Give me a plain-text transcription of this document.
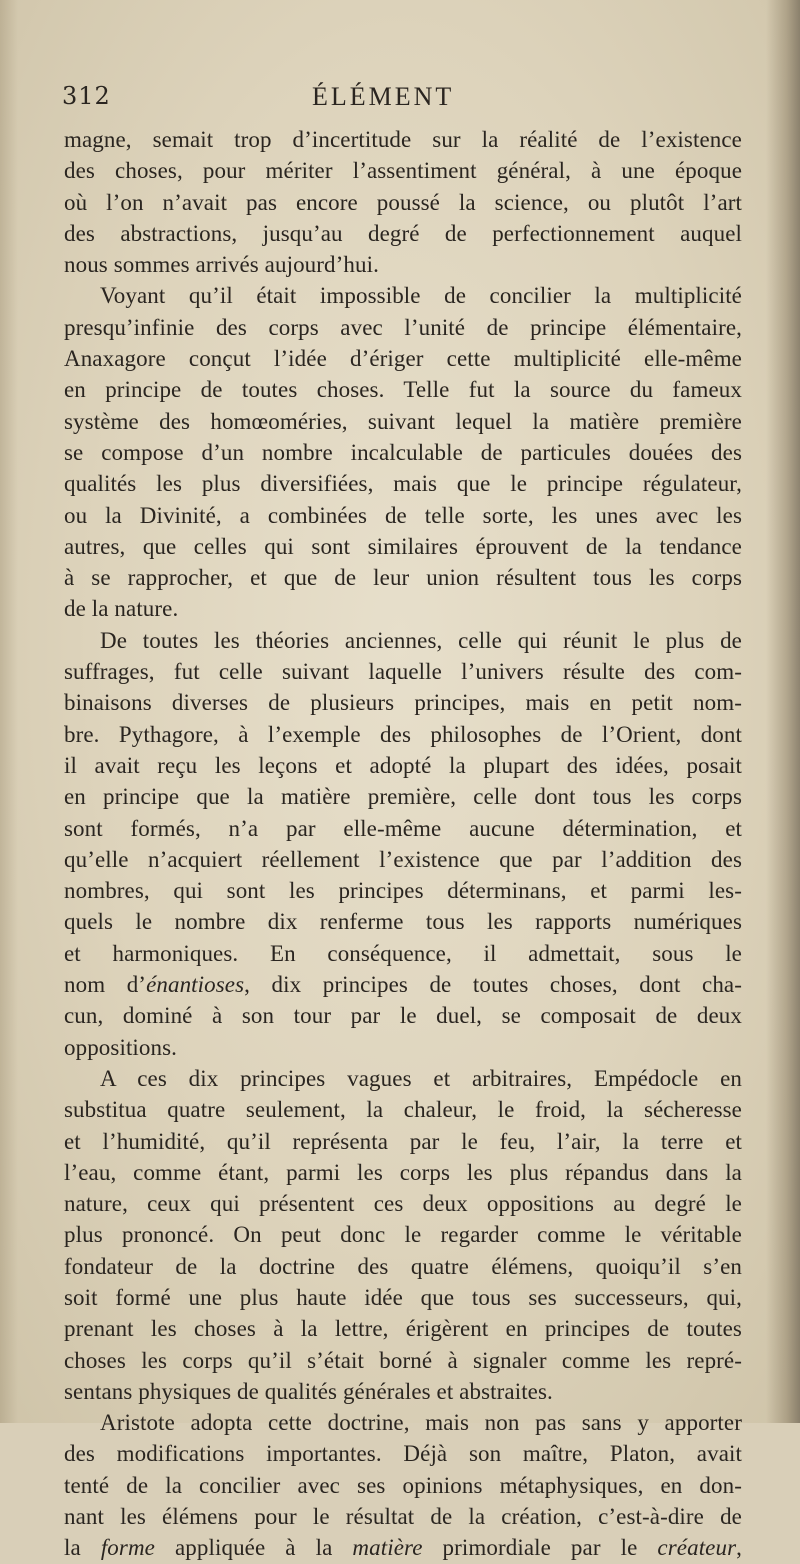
312	ÉLÉMENT
magne, semait trop d’incertitude sur la réalité de l’existence
des choses, pour mériter l’assentiment général, à une époque
où l’on n’avait pas encore poussé la science, ou plutôt l’art
des abstractions, jusqu’au degré de perfectionnement auquel
nous sommes arrivés aujourd’hui.
Voyant qu’il était impossible de concilier la multiplicité
presqu’infinie des corps avec l’unité de principe élémentaire,
Anaxagore conçut l’idée d’ériger cette multiplicité elle-même
en principe de toutes choses. Telle fut la source du fameux
système des homœoméries, suivant lequel la matière première
se compose d’un nombre incalculable de particules douées des
qualités les plus diversifiées, mais que le principe régulateur,
ou la Divinité, a combinées de telle sorte, les unes avec les
autres, que celles qui sont similaires éprouvent de la tendance
à se rapprocher, et que de leur union résultent tous les corps
de la nature.
De toutes les théories anciennes, celle qui réunit le plus de
suffrages, fut celle suivant laquelle l’univers résulte des com-
binaisons diverses de plusieurs principes, mais en petit nom-
bre. Pythagore, à l’exemple des philosophes de l’Orient, dont
il avait reçu les leçons et adopté la plupart des idées, posait
en principe que la matière première, celle dont tous les corps
sont formés, n’a par elle-même aucune détermination, et
qu’elle n’acquiert réellement l’existence que par l’addition des
nombres, qui sont les principes déterminans, et parmi les-
quels le nombre dix renferme tous les rapports numériques
et harmoniques. En conséquence, il admettait, sous le
nom d’énantioses, dix principes de toutes choses, dont cha-
cun, dominé à son tour par le duel, se composait de deux
oppositions.
A ces dix principes vagues et arbitraires, Empédocle en
substitua quatre seulement, la chaleur, le froid, la sécheresse
et l’humidité, qu’il représenta par le feu, l’air, la terre et
l’eau, comme étant, parmi les corps les plus répandus dans la
nature, ceux qui présentent ces deux oppositions au degré le
plus prononcé. On peut donc le regarder comme le véritable
fondateur de la doctrine des quatre élémens, quoiqu’il s’en
soit formé une plus haute idée que tous ses successeurs, qui,
prenant les choses à la lettre, érigèrent en principes de toutes
choses les corps qu’il s’était borné à signaler comme les repré-
sentans physiques de qualités générales et abstraites.
Aristote adopta cette doctrine, mais non pas sans y apporter
des modifications importantes. Déjà son maître, Platon, avait
tenté de la concilier avec ses opinions métaphysiques, en don-
nant les élémens pour le résultat de la création, c’est-à-dire de
la forme appliquée à la matière primordiale par le créateur,
